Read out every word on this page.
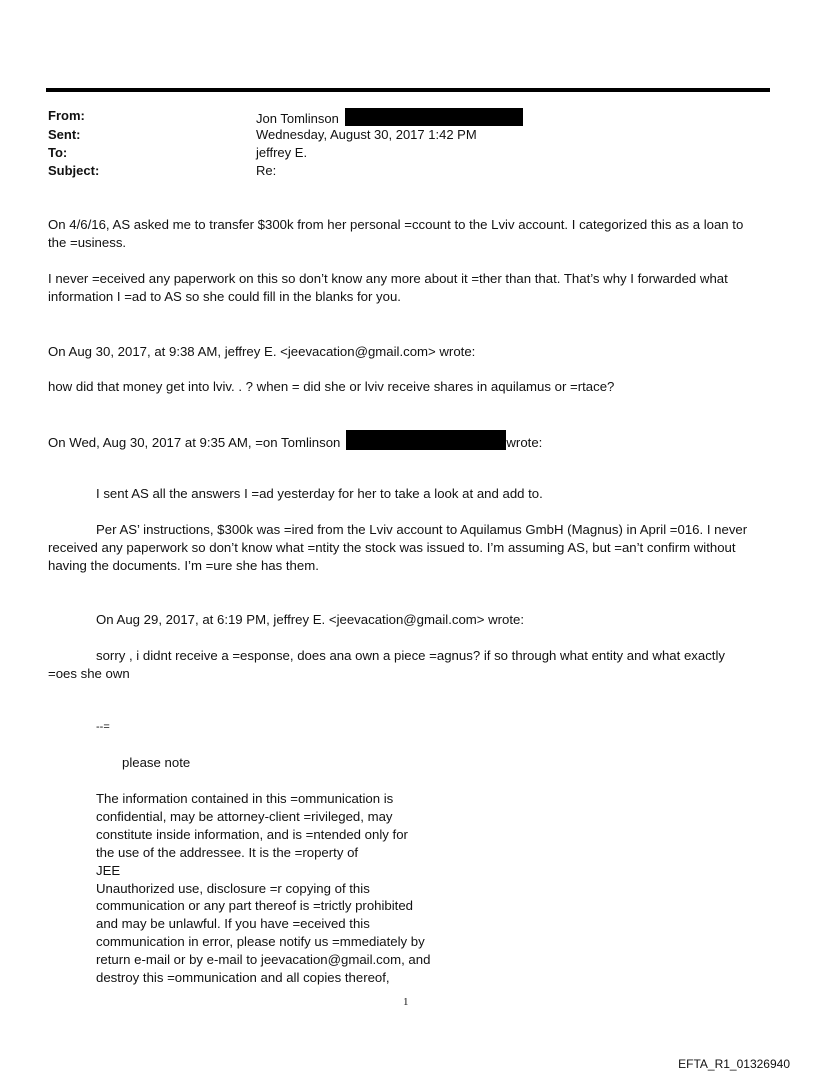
From:	Jon Tomlinson
Sent:	Wednesday, August 30, 2017 1:42 PM
To:	jeffrey E.
Subject:	Re:
On 4/6/16, AS asked me to transfer $300k from her personal =ccount to the Lviv account. I categorized this as a loan to
the =usiness.
I never =eceived any paperwork on this so don’t know any more about it =ther than that. That’s why I forwarded what
information I =ad to AS so she could fill in the blanks for you.
On Aug 30, 2017, at 9:38 AM, jeffrey E. <jeevacation@gmail.com> wrote:
how did that money get into lviv. . ? when = did she or lviv receive shares in aquilamus or =rtace?
On Wed, Aug 30, 2017 at 9:35 AM, =on Tomlinson	wrote:
I sent AS all the answers I =ad yesterday for her to take a look at and add to.
Per AS’ instructions, $300k was =ired from the Lviv account to Aquilamus GmbH (Magnus) in April =016. I never
received any paperwork so don’t know what =ntity the stock was issued to. I’m assuming AS, but =an’t confirm without
having the documents. I’m =ure she has them.
On Aug 29, 2017, at 6:19 PM, jeffrey E. <jeevacation@gmail.com> wrote:
sorry , i didnt receive a =esponse, does ana own a piece =agnus? if so through what entity and what exactly
=oes she own
--=
please note
The information contained in this =ommunication is
confidential, may be attorney-client =rivileged, may
constitute inside information, and is =ntended only for
the use of the addressee. It is the =roperty of
JEE
Unauthorized use, disclosure =r copying of this
communication or any part thereof is =trictly prohibited
and may be unlawful. If you have =eceived this
communication in error, please notify us =mmediately by
return e-mail or by e-mail to jeevacation@gmail.com, and
destroy this =ommunication and all copies thereof,
1
EFTA_R1_01326940
